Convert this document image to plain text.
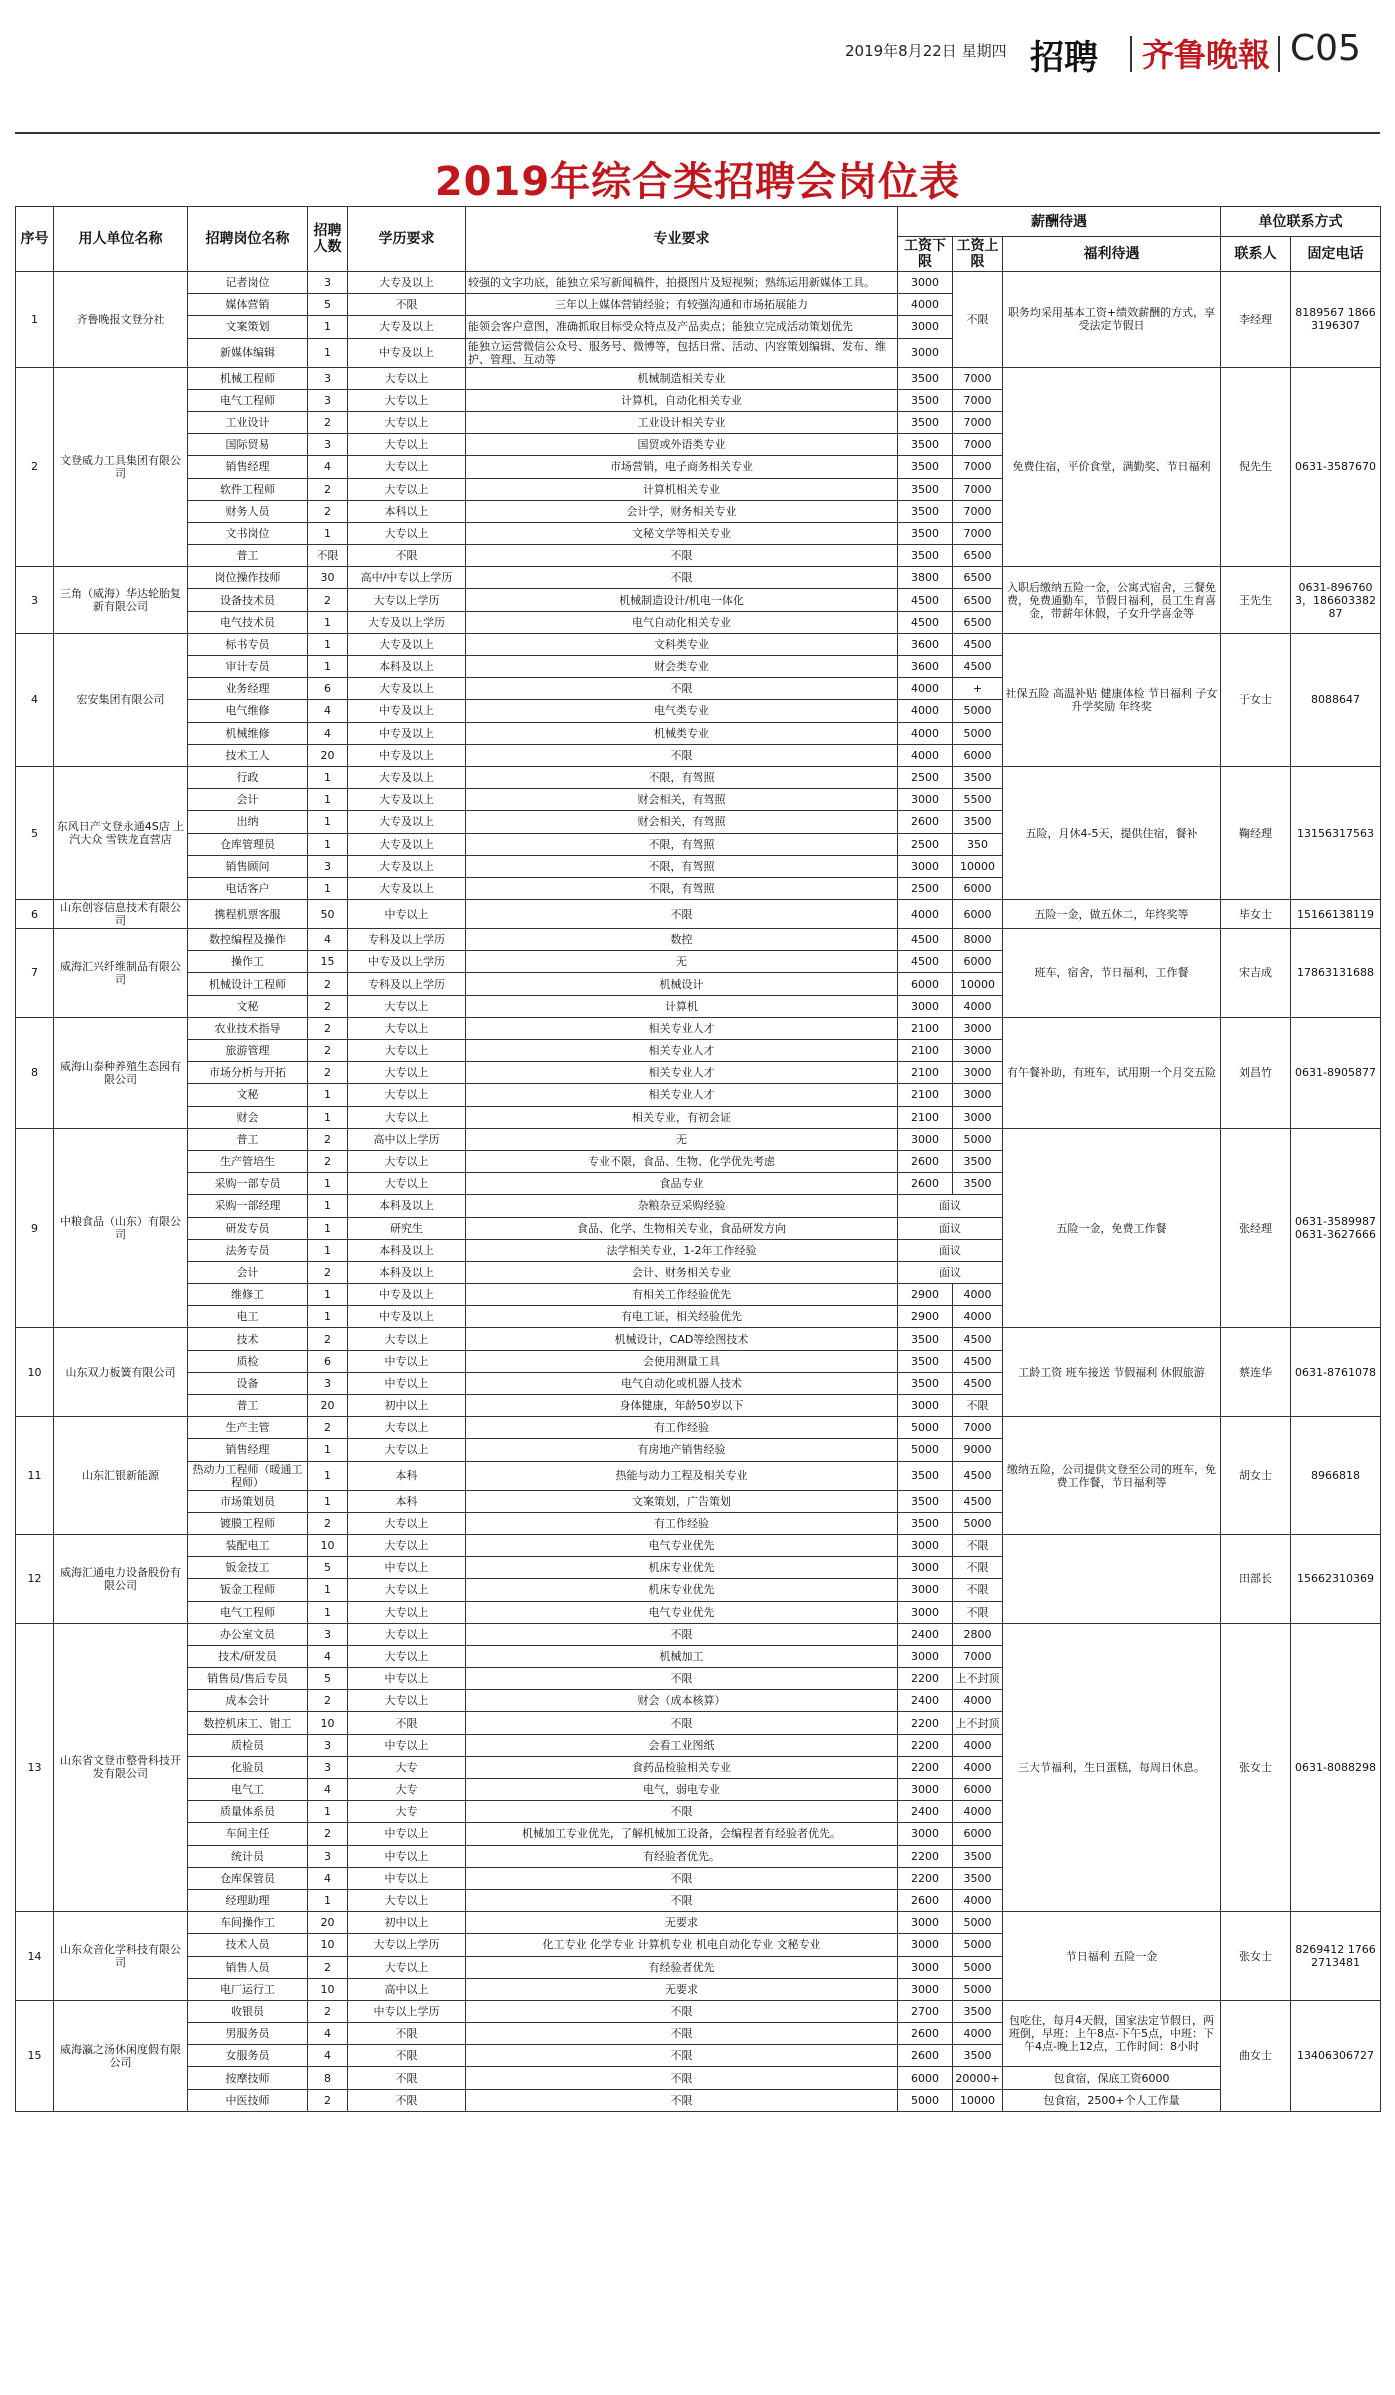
2019年8月22日 星期四 招聘 齐鲁晚報 C05
2019年综合类招聘会岗位表
序号	用人单位名称	招聘岗位名称	招聘人数	学历要求	专业要求	薪酬待遇			单位联系方式	
						工资下限	工资上限	福利待遇	联系人	固定电话
1	齐鲁晚报文登分社	记者岗位	3	大专及以上	较强的文字功底，能独立采写新闻稿件，拍摄图片及短视频；熟练运用新媒体工具。	3000	不限	职务均采用基本工资+绩效薪酬的方式，享受法定节假日	李经理	8189567 18663196307
		媒体营销	5	不限	三年以上媒体营销经验；有较强沟通和市场拓展能力	4000				
		文案策划	1	大专及以上	能领会客户意图，准确抓取目标受众特点及产品卖点；能独立完成活动策划优先	3000				
		新媒体编辑	1	中专及以上	能独立运营微信公众号、服务号、微博等，包括日常、活动、内容策划编辑、发布、维护、管理、互动等	3000				
2	文登威力工具集团有限公司	机械工程师	3	大专以上	机械制造相关专业	3500	7000	免费住宿，平价食堂，满勤奖、节日福利	倪先生	0631-3587670
		电气工程师	3	大专以上	计算机，自动化相关专业	3500	7000			
		工业设计	2	大专以上	工业设计相关专业	3500	7000			
		国际贸易	3	大专以上	国贸或外语类专业	3500	7000			
		销售经理	4	大专以上	市场营销，电子商务相关专业	3500	7000			
		软件工程师	2	大专以上	计算机相关专业	3500	7000			
		财务人员	2	本科以上	会计学，财务相关专业	3500	7000			
		文书岗位	1	大专以上	文秘文学等相关专业	3500	7000			
		普工	不限	不限	不限	3500	6500			
3	三角（威海）华达轮胎复新有限公司	岗位操作技师	30	高中/中专以上学历	不限	3800	6500	入职后缴纳五险一金，公寓式宿舍，三餐免费，免费通勤车，节假日福利，员工生育喜金，带薪年休假，子女升学喜金等	王先生	0631-8967603，18660338287
		设备技术员	2	大专以上学历	机械制造设计/机电一体化	4500	6500			
		电气技术员	1	大专及以上学历	电气自动化相关专业	4500	6500			
4	宏安集团有限公司	标书专员	1	大专及以上	文科类专业	3600	4500	社保五险 高温补贴 健康体检 节日福利 子女升学奖励 年终奖	于女士	8088647
		审计专员	1	本科及以上	财会类专业	3600	4500			
		业务经理	6	大专及以上	不限	4000	+			
		电气维修	4	中专及以上	电气类专业	4000	5000			
		机械维修	4	中专及以上	机械类专业	4000	5000			
		技术工人	20	中专及以上	不限	4000	6000			
5	东风日产文登永通4S店 上汽大众 雪铁龙直营店	行政	1	大专及以上	不限，有驾照	2500	3500	五险，月休4-5天，提供住宿，餐补	鞠经理	13156317563
		会计	1	大专及以上	财会相关，有驾照	3000	5500			
		出纳	1	大专及以上	财会相关，有驾照	2600	3500			
		仓库管理员	1	大专及以上	不限，有驾照	2500	350			
		销售顾问	3	大专及以上	不限，有驾照	3000	10000			
		电话客户	1	大专及以上	不限，有驾照	2500	6000			
6	山东创容信息技术有限公司	携程机票客服	50	中专以上	不限	4000	6000	五险一金，做五休二，年终奖等	毕女士	15166138119
7	威海汇兴纤维制品有限公司	数控编程及操作	4	专科及以上学历	数控	4500	8000	班车，宿舍，节日福利，工作餐	宋吉成	17863131688
		操作工	15	中专及以上学历	无	4500	6000			
		机械设计工程师	2	专科及以上学历	机械设计	6000	10000			
		文秘	2	大专以上	计算机	3000	4000			
8	威海山泰种养殖生态园有限公司	农业技术指导	2	大专以上	相关专业人才	2100	3000	有午餐补助，有班车，试用期一个月交五险	刘昌竹	0631-8905877
		旅游管理	2	大专以上	相关专业人才	2100	3000			
		市场分析与开拓	2	大专以上	相关专业人才	2100	3000			
		文秘	1	大专以上	相关专业人才	2100	3000			
		财会	1	大专以上	相关专业，有初会证	2100	3000			
9	中粮食品（山东）有限公司	普工	2	高中以上学历	无	3000	5000	五险一金，免费工作餐	张经理	0631-3589987 0631-3627666
		生产管培生	2	大专以上	专业不限，食品、生物、化学优先考虑	2600	3500			
		采购一部专员	1	大专以上	食品专业	2600	3500			
		采购一部经理	1	本科及以上	杂粮杂豆采购经验	面议				
		研发专员	1	研究生	食品、化学、生物相关专业，食品研发方向	面议				
		法务专员	1	本科及以上	法学相关专业，1-2年工作经验	面议				
		会计	2	本科及以上	会计、财务相关专业	面议				
		维修工	1	中专及以上	有相关工作经验优先	2900	4000			
		电工	1	中专及以上	有电工证，相关经验优先	2900	4000			
10	山东双力板簧有限公司	技术	2	大专以上	机械设计，CAD等绘图技术	3500	4500	工龄工资 班车接送 节假福利 休假旅游	蔡连华	0631-8761078
		质检	6	中专以上	会使用测量工具	3500	4500			
		设备	3	中专以上	电气自动化或机器人技术	3500	4500			
		普工	20	初中以上	身体健康，年龄50岁以下	3000	不限			
11	山东汇银新能源	生产主管	2	大专以上	有工作经验	5000	7000	缴纳五险，公司提供文登至公司的班车，免费工作餐，节日福利等	胡女士	8966818
		销售经理	1	大专以上	有房地产销售经验	5000	9000			
		热动力工程师（暖通工程师）	1	本科	热能与动力工程及相关专业	3500	4500			
		市场策划员	1	本科	文案策划，广告策划	3500	4500			
		镀膜工程师	2	大专以上	有工作经验	3500	5000			
12	威海汇通电力设备股份有限公司	装配电工	10	大专以上	电气专业优先	3000	不限		田部长	15662310369
		钣金技工	5	中专以上	机床专业优先	3000	不限			
		钣金工程师	1	大专以上	机床专业优先	3000	不限			
		电气工程师	1	大专以上	电气专业优先	3000	不限			
13	山东省文登市整骨科技开发有限公司	办公室文员	3	大专以上	不限	2400	2800	三大节福利，生日蛋糕，每周日休息。	张女士	0631-8088298
		技术/研发员	4	大专以上	机械加工	3000	7000			
		销售员/售后专员	5	中专以上	不限	2200	上不封顶			
		成本会计	2	大专以上	财会（成本核算）	2400	4000			
		数控机床工、钳工	10	不限	不限	2200	上不封顶			
		质检员	3	中专以上	会看工业图纸	2200	4000			
		化验员	3	大专	食药品检验相关专业	2200	4000			
		电气工	4	大专	电气，弱电专业	3000	6000			
		质量体系员	1	大专	不限	2400	4000			
		车间主任	2	中专以上	机械加工专业优先，了解机械加工设备，会编程者有经验者优先。	3000	6000			
		统计员	3	中专以上	有经验者优先。	2200	3500			
		仓库保管员	4	中专以上	不限	2200	3500			
		经理助理	1	大专以上	不限	2600	4000			
14	山东众音化学科技有限公司	车间操作工	20	初中以上	无要求	3000	5000	节日福利 五险一金	张女士	8269412 17662713481
		技术人员	10	大专以上学历	化工专业 化学专业 计算机专业 机电自动化专业 文秘专业	3000	5000			
		销售人员	2	大专以上	有经验者优先	3000	5000			
		电厂运行工	10	高中以上	无要求	3000	5000			
15	威海瀛之汤休闲度假有限公司	收银员	2	中专以上学历	不限	2700	3500	包吃住，每月4天假，国家法定节假日，两班倒，早班：上午8点-下午5点，中班：下午4点-晚上12点，工作时间：8小时	曲女士	13406306727
		男服务员	4	不限	不限	2600	4000			
		女服务员	4	不限	不限	2600	3500			
		按摩技师	8	不限	不限	6000	20000+	包食宿，保底工资6000		
		中医技师	2	不限	不限	5000	10000	包食宿，2500+个人工作量		
